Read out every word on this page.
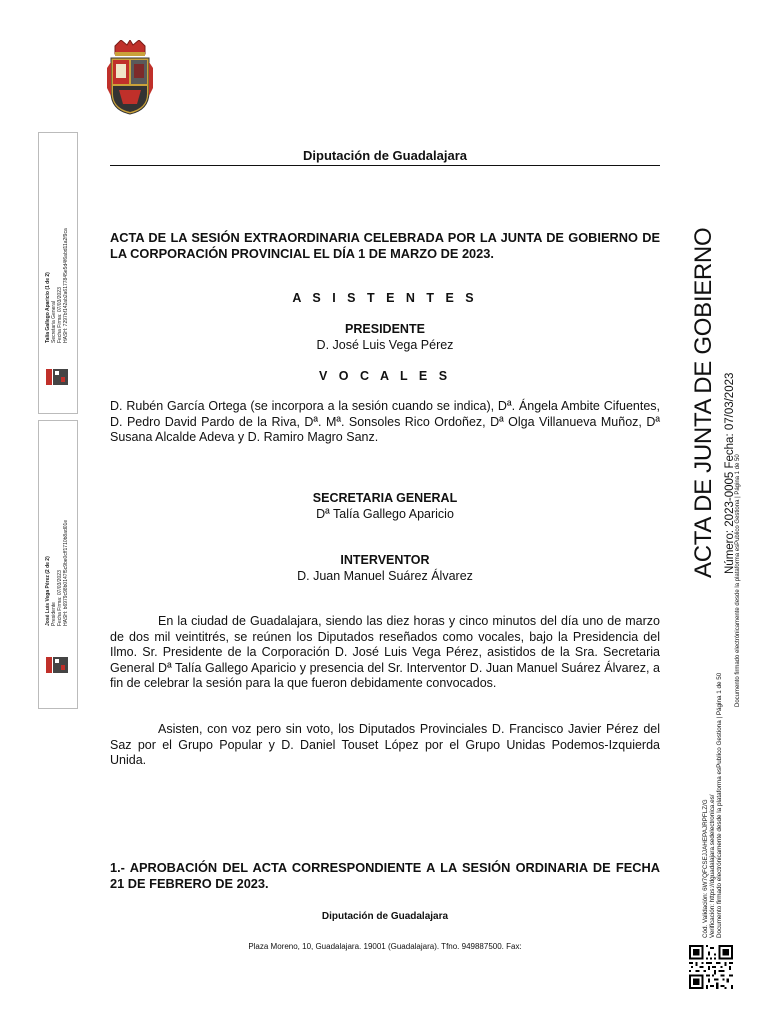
Diputación de Guadalajara
ACTA DE LA SESIÓN EXTRAORDINARIA CELEBRADA POR LA JUNTA DE GOBIERNO DE LA CORPORACIÓN PROVINCIAL EL DÍA 1 DE MARZO DE 2023.
A S I S T E N T E S
PRESIDENTE
D. José Luis Vega Pérez
V O C A L E S
D. Rubén García Ortega (se incorpora a la sesión cuando se indica), Dª. Ángela Ambite Cifuentes, D. Pedro David Pardo de la Riva, Dª. Mª. Sonsoles Rico Ordoñez, Dª Olga Villanueva Muñoz, Dª Susana Alcalde Adeva y D. Ramiro Magro Sanz.
SECRETARIA GENERAL
Dª Talía Gallego Aparicio
INTERVENTOR
D. Juan Manuel Suárez Álvarez
En la ciudad de Guadalajara, siendo las diez horas y cinco minutos del día uno de marzo de dos mil veintitrés, se reúnen los Diputados reseñados como vocales, bajo la Presidencia del Ilmo. Sr. Presidente de la Corporación D. José Luis Vega Pérez, asistidos de la Sra. Secretaria General Dª Talía Gallego Aparicio y presencia del Sr. Interventor D. Juan Manuel Suárez Álvarez, a fin de celebrar la sesión para la que fueron debidamente convocados.
Asisten, con voz pero sin voto, los Diputados Provinciales D. Francisco Javier Pérez del Saz por el Grupo Popular y D. Daniel Touset López por el Grupo Unidas Podemos-Izquierda Unida.
1.- APROBACIÓN DEL ACTA CORRESPONDIENTE A LA SESIÓN ORDINARIA DE FECHA 21 DE FEBRERO DE 2023.
Diputación de Guadalajara
Plaza Moreno, 10, Guadalajara. 19001 (Guadalajara). Tfno. 949887500. Fax:
Talía Gallego Aparicio (1 de 2) Secretaria General Fecha Firma: 07/03/2023 HASH: 7297bf142ab2a6177845e5d4f6abd11a2f9ca
José Luis Vega Pérez (2 de 2) Presidente Fecha Firma: 07/03/2023 HASH: b6979c98b0147f5c9be0cff1710b8ad01e	ACTA DE JUNTA DE GOBIERNO Número: 2023-0005 Fecha: 07/03/2023 Documento firmado electrónicamente desde la plataforma esPublico Gestiona | Página 1 de 50
Cód. Validación: 6W7QFCSEJJAHEPAJRPFLZ/G Verificación: https://dguadalajara.sedelectronica.es/ Documento firmado electrónicamente desde la plataforma esPublico Gestiona | Página 1 de 50
